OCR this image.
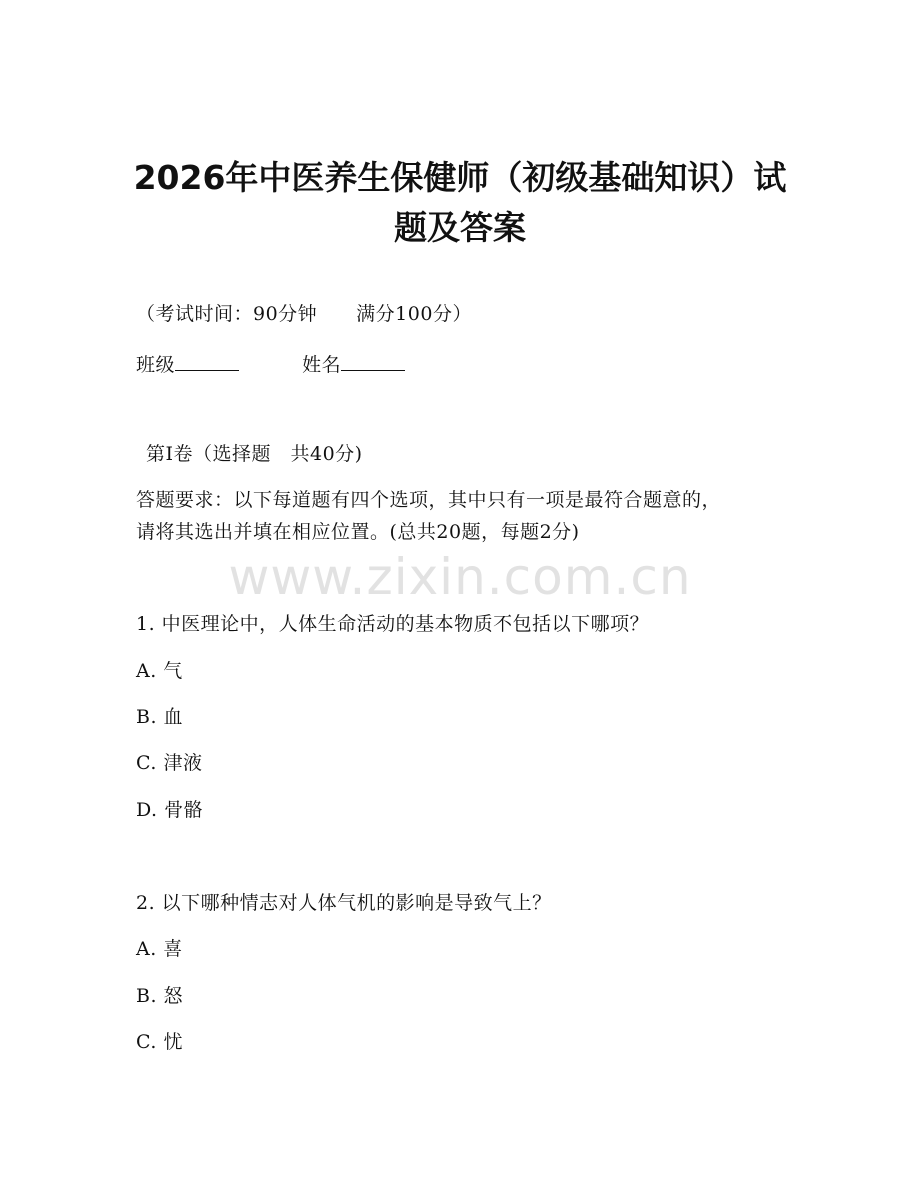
2026年中医养生保健师（初级基础知识）试
题及答案
（考试时间：90分钟　　满分100分）
班级	姓名
第Ⅰ卷（选择题　共40分)
答题要求：以下每道题有四个选项，其中只有一项是最符合题意的，
请将其选出并填在相应位置。(总共20题，每题2分)
www.zixin.com.cn
1. 中医理论中，人体生命活动的基本物质不包括以下哪项？
A. 气
B. 血
C. 津液
D. 骨骼
2. 以下哪种情志对人体气机的影响是导致气上？
A. 喜
B. 怒
C. 忧
